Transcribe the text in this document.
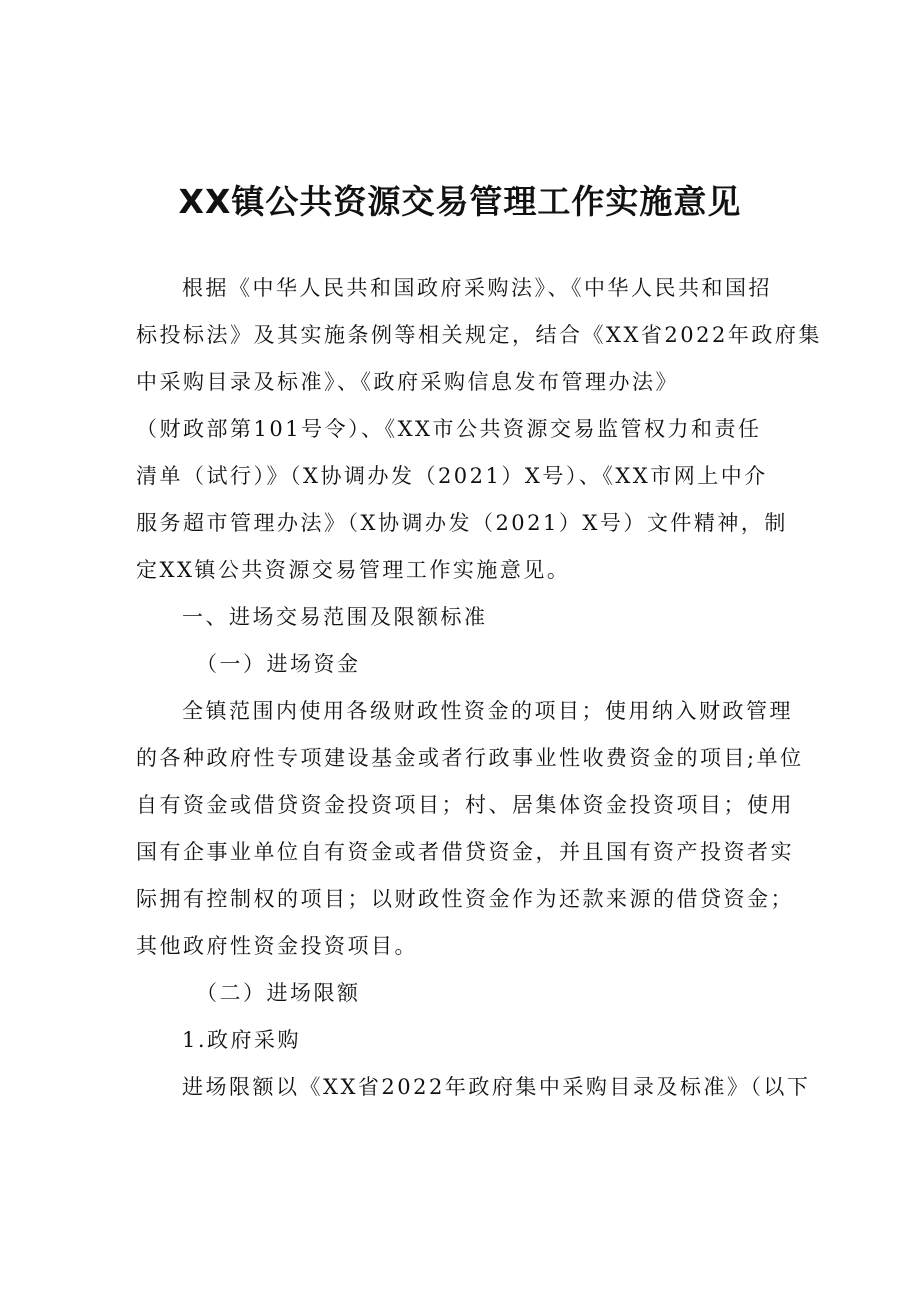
XX镇公共资源交易管理工作实施意见
根据《中华人民共和国政府采购法》、《中华人民共和国招
标投标法》及其实施条例等相关规定，结合《XX省2022年政府集
中采购目录及标准》、《政府采购信息发布管理办法》
（财政部第101号令）、《XX市公共资源交易监管权力和责任
清单（试行）》（X协调办发（2021）X号）、《XX市网上中介
服务超市管理办法》（X协调办发（2021）X号）文件精神，制
定XX镇公共资源交易管理工作实施意见。
一、进场交易范围及限额标准
（一）进场资金
全镇范围内使用各级财政性资金的项目；使用纳入财政管理
的各种政府性专项建设基金或者行政事业性收费资金的项目;单位
自有资金或借贷资金投资项目；村、居集体资金投资项目；使用
国有企事业单位自有资金或者借贷资金，并且国有资产投资者实
际拥有控制权的项目；以财政性资金作为还款来源的借贷资金；
其他政府性资金投资项目。
（二）进场限额
1.政府采购
进场限额以《XX省2022年政府集中采购目录及标准》（以下
